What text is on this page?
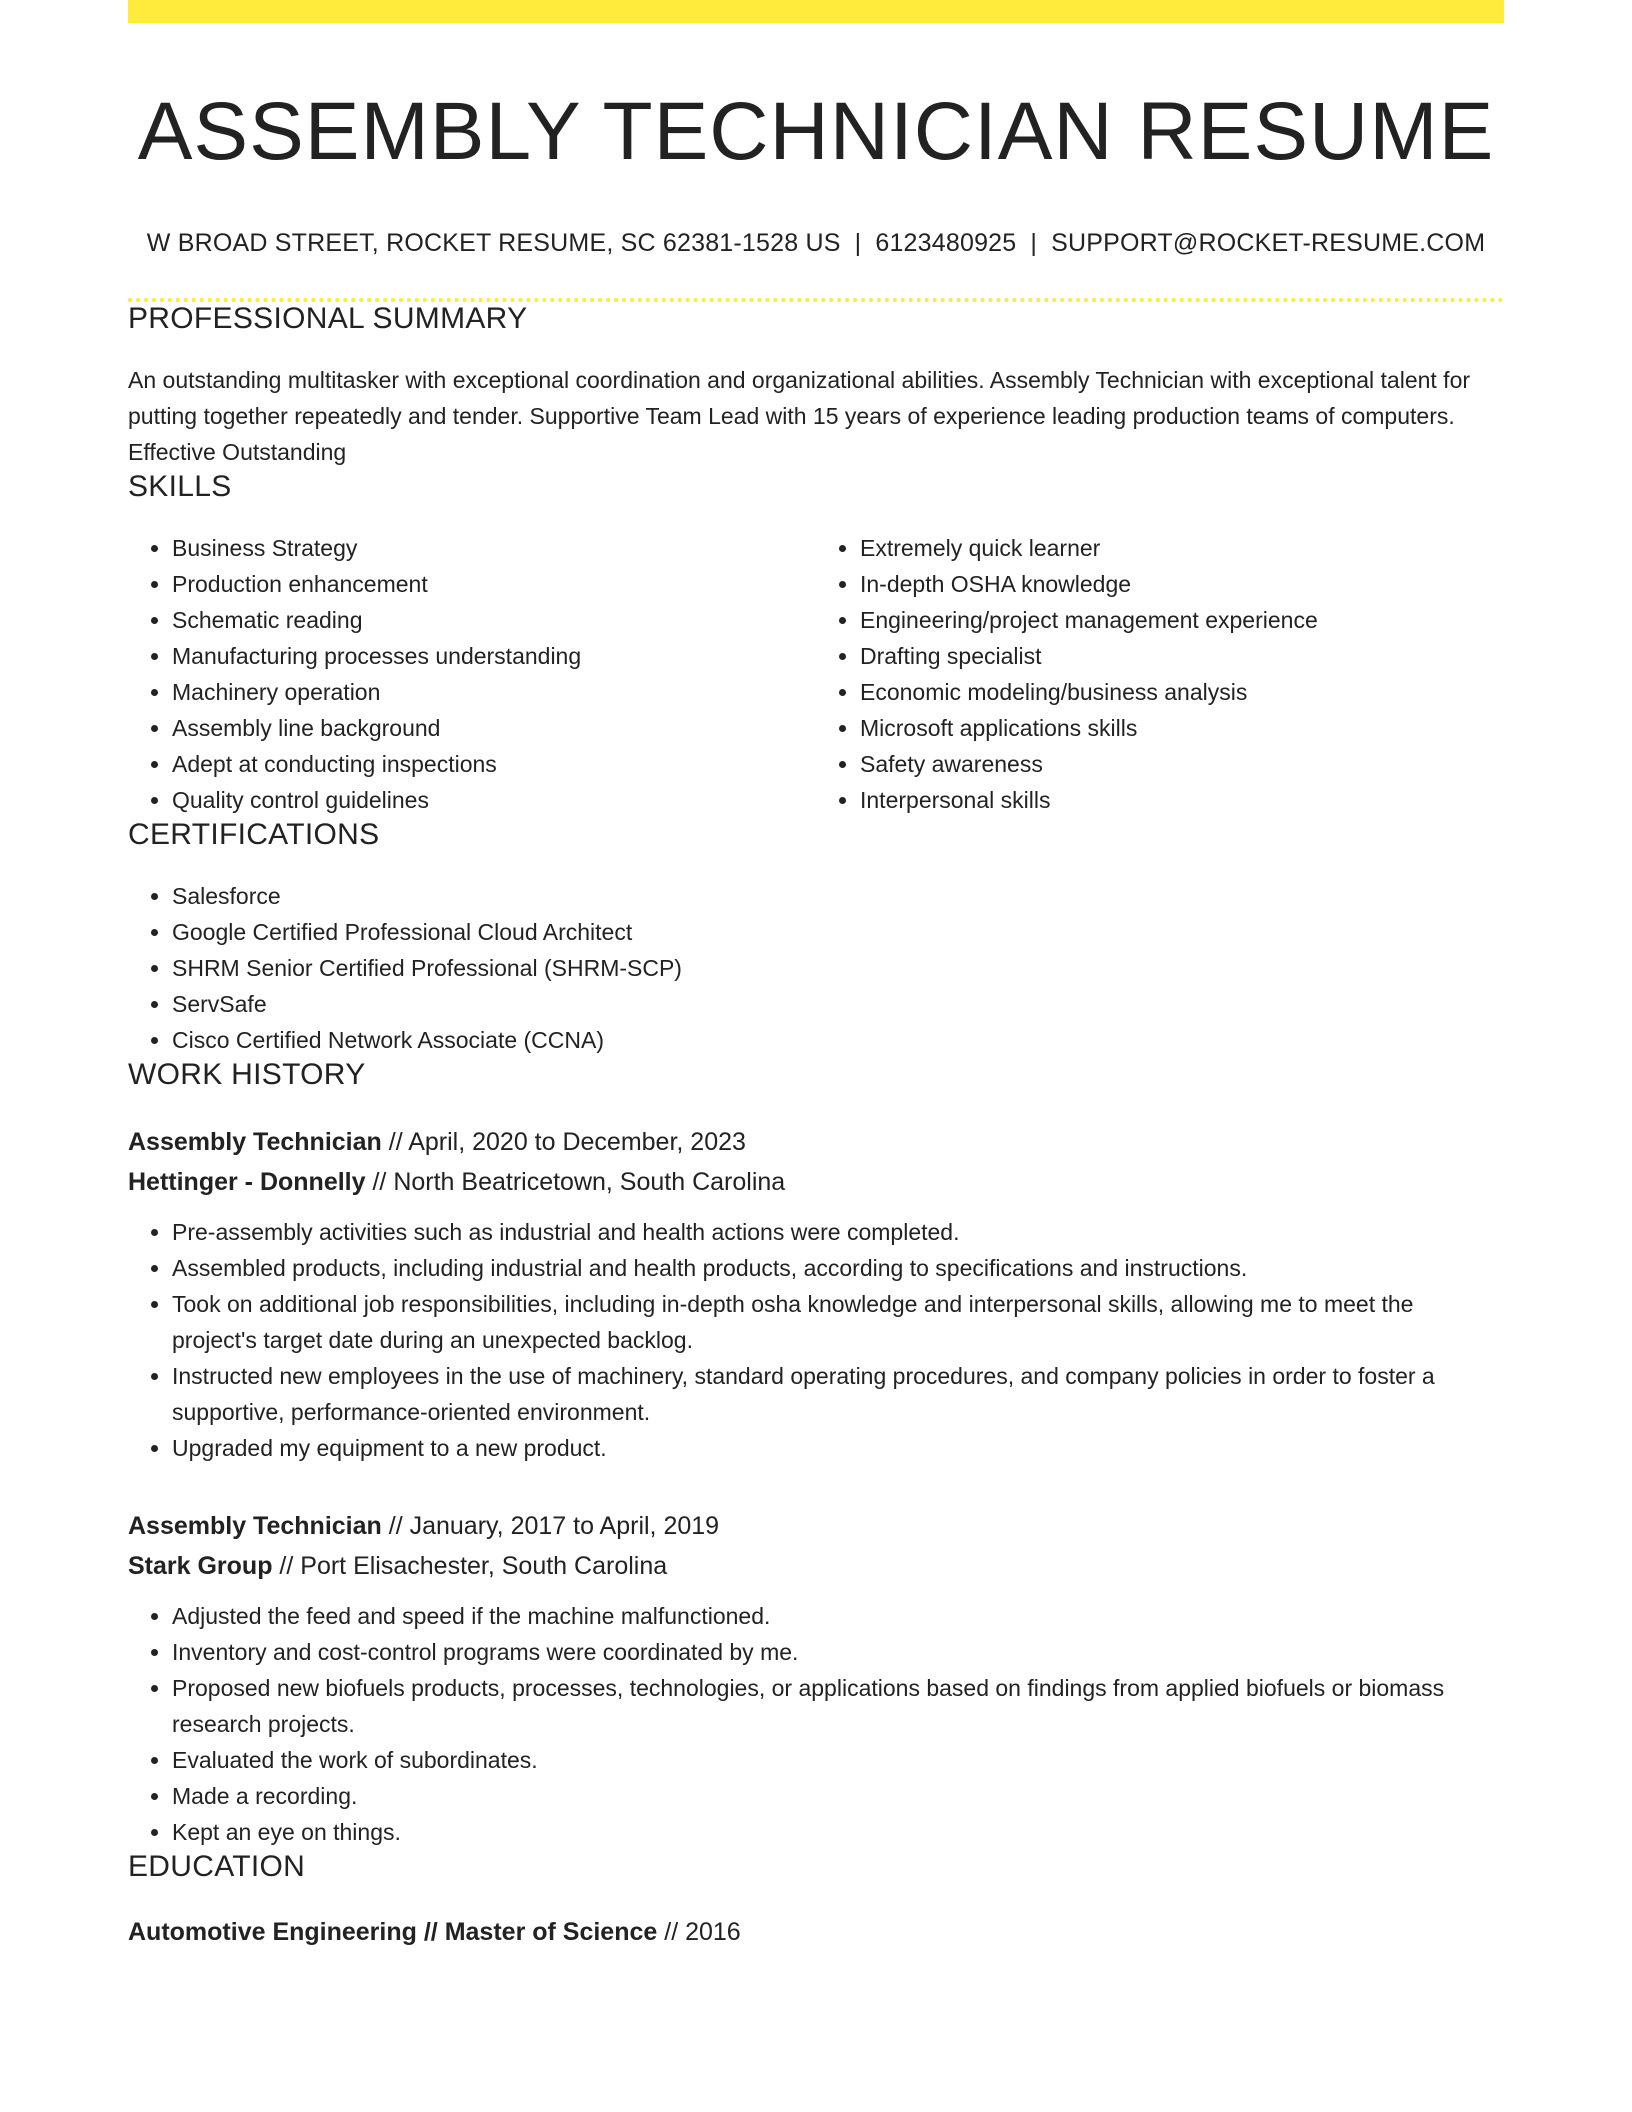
ASSEMBLY TECHNICIAN RESUME
W BROAD STREET, ROCKET RESUME, SC 62381-1528 US | 6123480925 | SUPPORT@ROCKET-RESUME.COM
PROFESSIONAL SUMMARY

An outstanding multitasker with exceptional coordination and organizational abilities. Assembly Technician with exceptional talent for putting together repeatedly and tender. Supportive Team Lead with 15 years of experience leading production teams of computers. Effective Outstanding

SKILLS
• Business Strategy
• Production enhancement
• Schematic reading
• Manufacturing processes understanding
• Machinery operation
• Assembly line background
• Adept at conducting inspections
• Quality control guidelines
• Extremely quick learner
• In-depth OSHA knowledge
• Engineering/project management experience
• Drafting specialist
• Economic modeling/business analysis
• Microsoft applications skills
• Safety awareness
• Interpersonal skills
CERTIFICATIONS
• Salesforce
• Google Certified Professional Cloud Architect
• SHRM Senior Certified Professional (SHRM-SCP)
• ServSafe
• Cisco Certified Network Associate (CCNA)
WORK HISTORY
Assembly Technician // April, 2020 to December, 2023
Hettinger - Donnelly // North Beatricetown, South Carolina
• Pre-assembly activities such as industrial and health actions were completed.
• Assembled products, including industrial and health products, according to specifications and instructions.
• Took on additional job responsibilities, including in-depth osha knowledge and interpersonal skills, allowing me to meet the project's target date during an unexpected backlog.
• Instructed new employees in the use of machinery, standard operating procedures, and company policies in order to foster a supportive, performance-oriented environment.
• Upgraded my equipment to a new product.
Assembly Technician // January, 2017 to April, 2019
Stark Group // Port Elisachester, South Carolina
• Adjusted the feed and speed if the machine malfunctioned.
• Inventory and cost-control programs were coordinated by me.
• Proposed new biofuels products, processes, technologies, or applications based on findings from applied biofuels or biomass research projects.
• Evaluated the work of subordinates.
• Made a recording.
• Kept an eye on things.
EDUCATION
Automotive Engineering // Master of Science // 2016
